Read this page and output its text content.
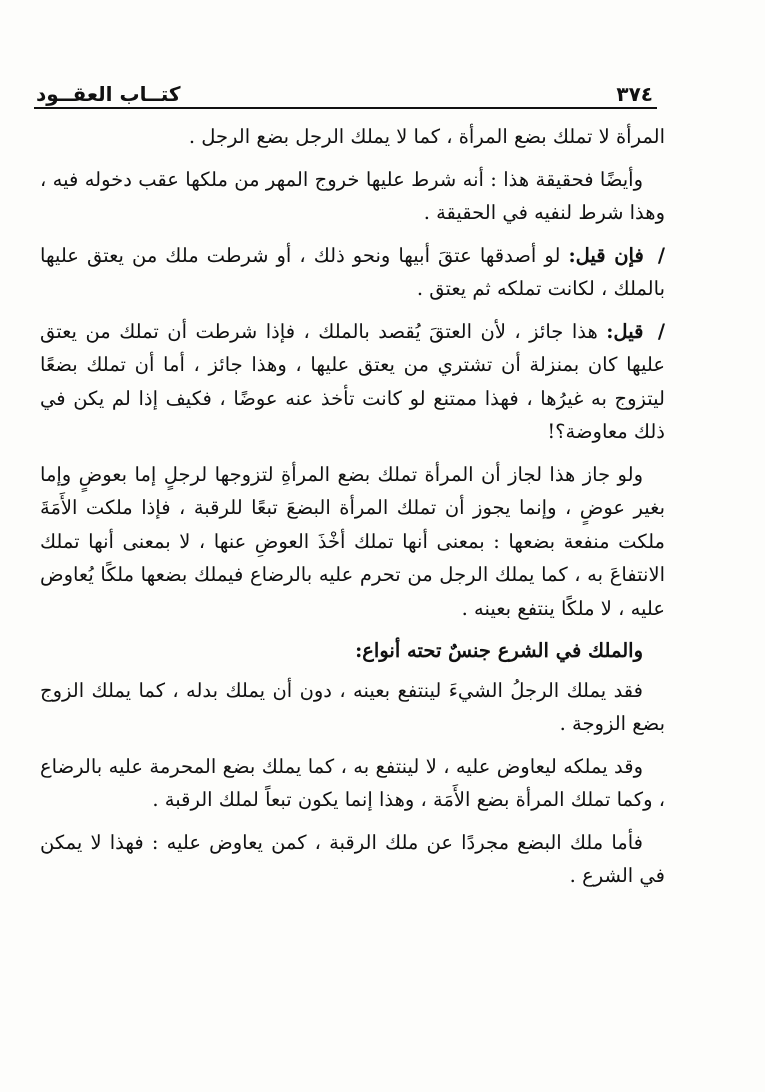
٣٧٤
كتــاب العقــود

المرأة لا تملك بضع المرأة ، كما لا يملك الرجل بضع الرجل .

وأيضًا فحقيقة هذا : أنه شرط عليها خروج المهر من ملكها عقب دخوله فيه ، وهذا شرط لنفيه في الحقيقة .

/ فإن قيل: لو أصدقها عتقَ أبيها ونحو ذلك ، أو شرطت ملك من يعتق عليها بالملك ، لكانت تملكه ثم يعتق .

/ قيل: هذا جائز ، لأن العتقَ يُقصد بالملك ، فإذا شرطت أن تملك من يعتق عليها كان بمنزلة أن تشتري من يعتق عليها ، وهذا جائز ، أما أن تملك بضعًا ليتزوج به غيرُها ، فهذا ممتنع لو كانت تأخذ عنه عوضًا ، فكيف إذا لم يكن في ذلك معاوضة؟!

ولو جاز هذا لجاز أن المرأة تملك بضع المرأةِ لتزوجها لرجلٍ إما بعوضٍ وإما بغير عوضٍ ، وإنما يجوز أن تملك المرأة البضعَ تبعًا للرقبة ، فإذا ملكت الأَمَةَ ملكت منفعة بضعها : بمعنى أنها تملك أخْذَ العوضِ عنها ، لا بمعنى أنها تملك الانتفاعَ به ، كما يملك الرجل من تحرم عليه بالرضاع فيملك بضعها ملكًا يُعاوض عليه ، لا ملكًا ينتفع بعينه .

والملك في الشرع جنسٌ تحته أنواع:

فقد يملك الرجلُ الشيءَ لينتفع بعينه ، دون أن يملك بدله ، كما يملك الزوج بضع الزوجة .

وقد يملكه ليعاوض عليه ، لا لينتفع به ، كما يملك بضع المحرمة عليه بالرضاع ، وكما تملك المرأة بضع الأَمَة ، وهذا إنما يكون تبعاً لملك الرقبة .

فأما ملك البضع مجردًا عن ملك الرقبة ، كمن يعاوض عليه : فهذا لا يمكن في الشرع .
